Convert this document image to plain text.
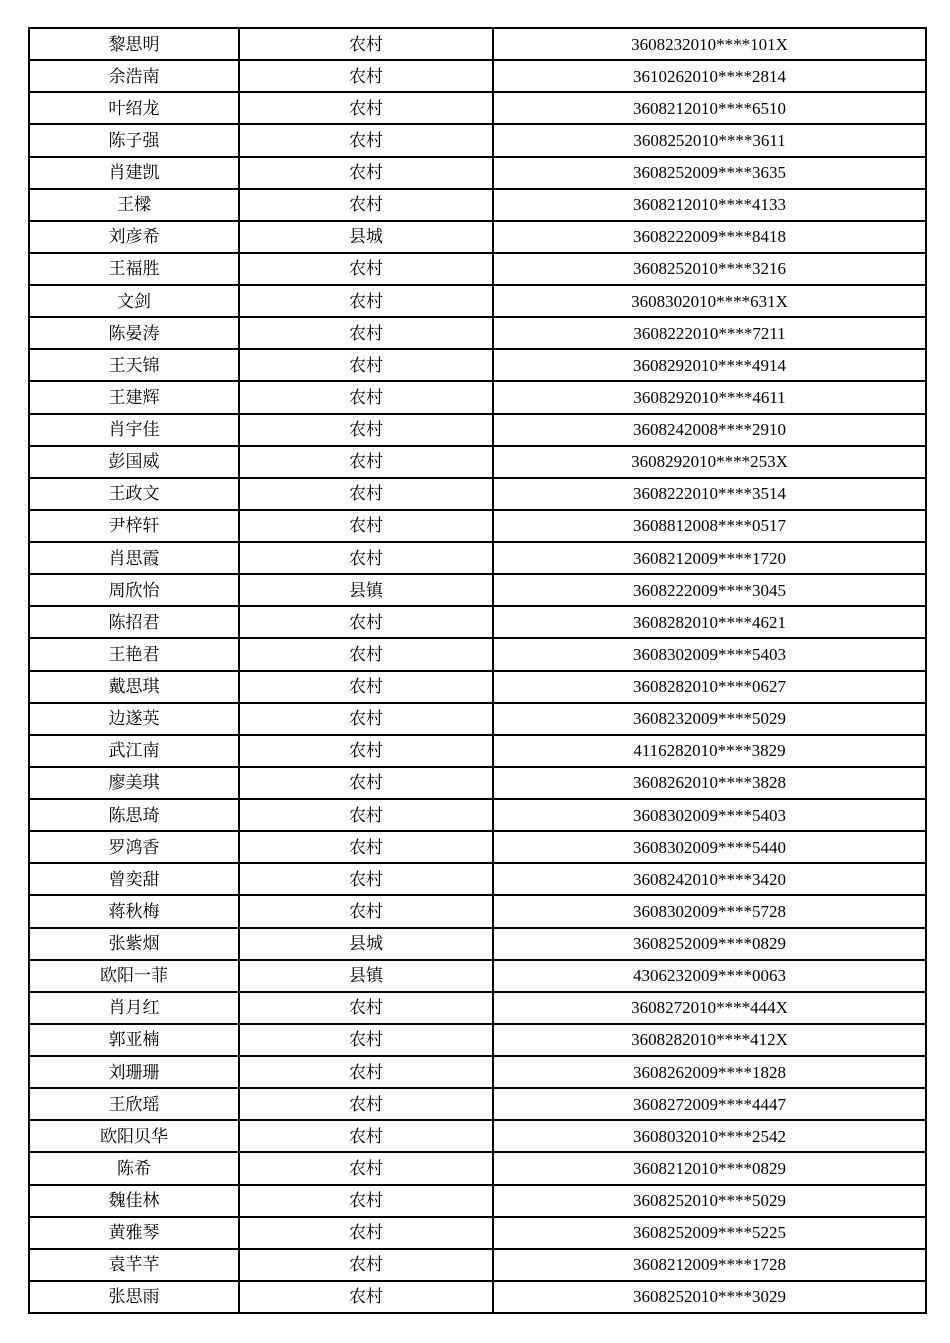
黎思明	农村	3608232010****101X
余浩南	农村	3610262010****2814
叶绍龙	农村	3608212010****6510
陈子强	农村	3608252010****3611
肖建凯	农村	3608252009****3635
王樑	农村	3608212010****4133
刘彦希	县城	3608222009****8418
王福胜	农村	3608252010****3216
文剑	农村	3608302010****631X
陈晏涛	农村	3608222010****7211
王天锦	农村	3608292010****4914
王建辉	农村	3608292010****4611
肖宇佳	农村	3608242008****2910
彭国威	农村	3608292010****253X
王政文	农村	3608222010****3514
尹梓轩	农村	3608812008****0517
肖思霞	农村	3608212009****1720
周欣怡	县镇	3608222009****3045
陈招君	农村	3608282010****4621
王艳君	农村	3608302009****5403
戴思琪	农村	3608282010****0627
边遂英	农村	3608232009****5029
武江南	农村	4116282010****3829
廖美琪	农村	3608262010****3828
陈思琦	农村	3608302009****5403
罗鸿香	农村	3608302009****5440
曾奕甜	农村	3608242010****3420
蒋秋梅	农村	3608302009****5728
张紫烟	县城	3608252009****0829
欧阳一菲	县镇	4306232009****0063
肖月红	农村	3608272010****444X
郭亚楠	农村	3608282010****412X
刘珊珊	农村	3608262009****1828
王欣瑶	农村	3608272009****4447
欧阳贝华	农村	3608032010****2542
陈希	农村	3608212010****0829
魏佳林	农村	3608252010****5029
黄雅琴	农村	3608252009****5225
袁芊芊	农村	3608212009****1728
张思雨	农村	3608252010****3029
